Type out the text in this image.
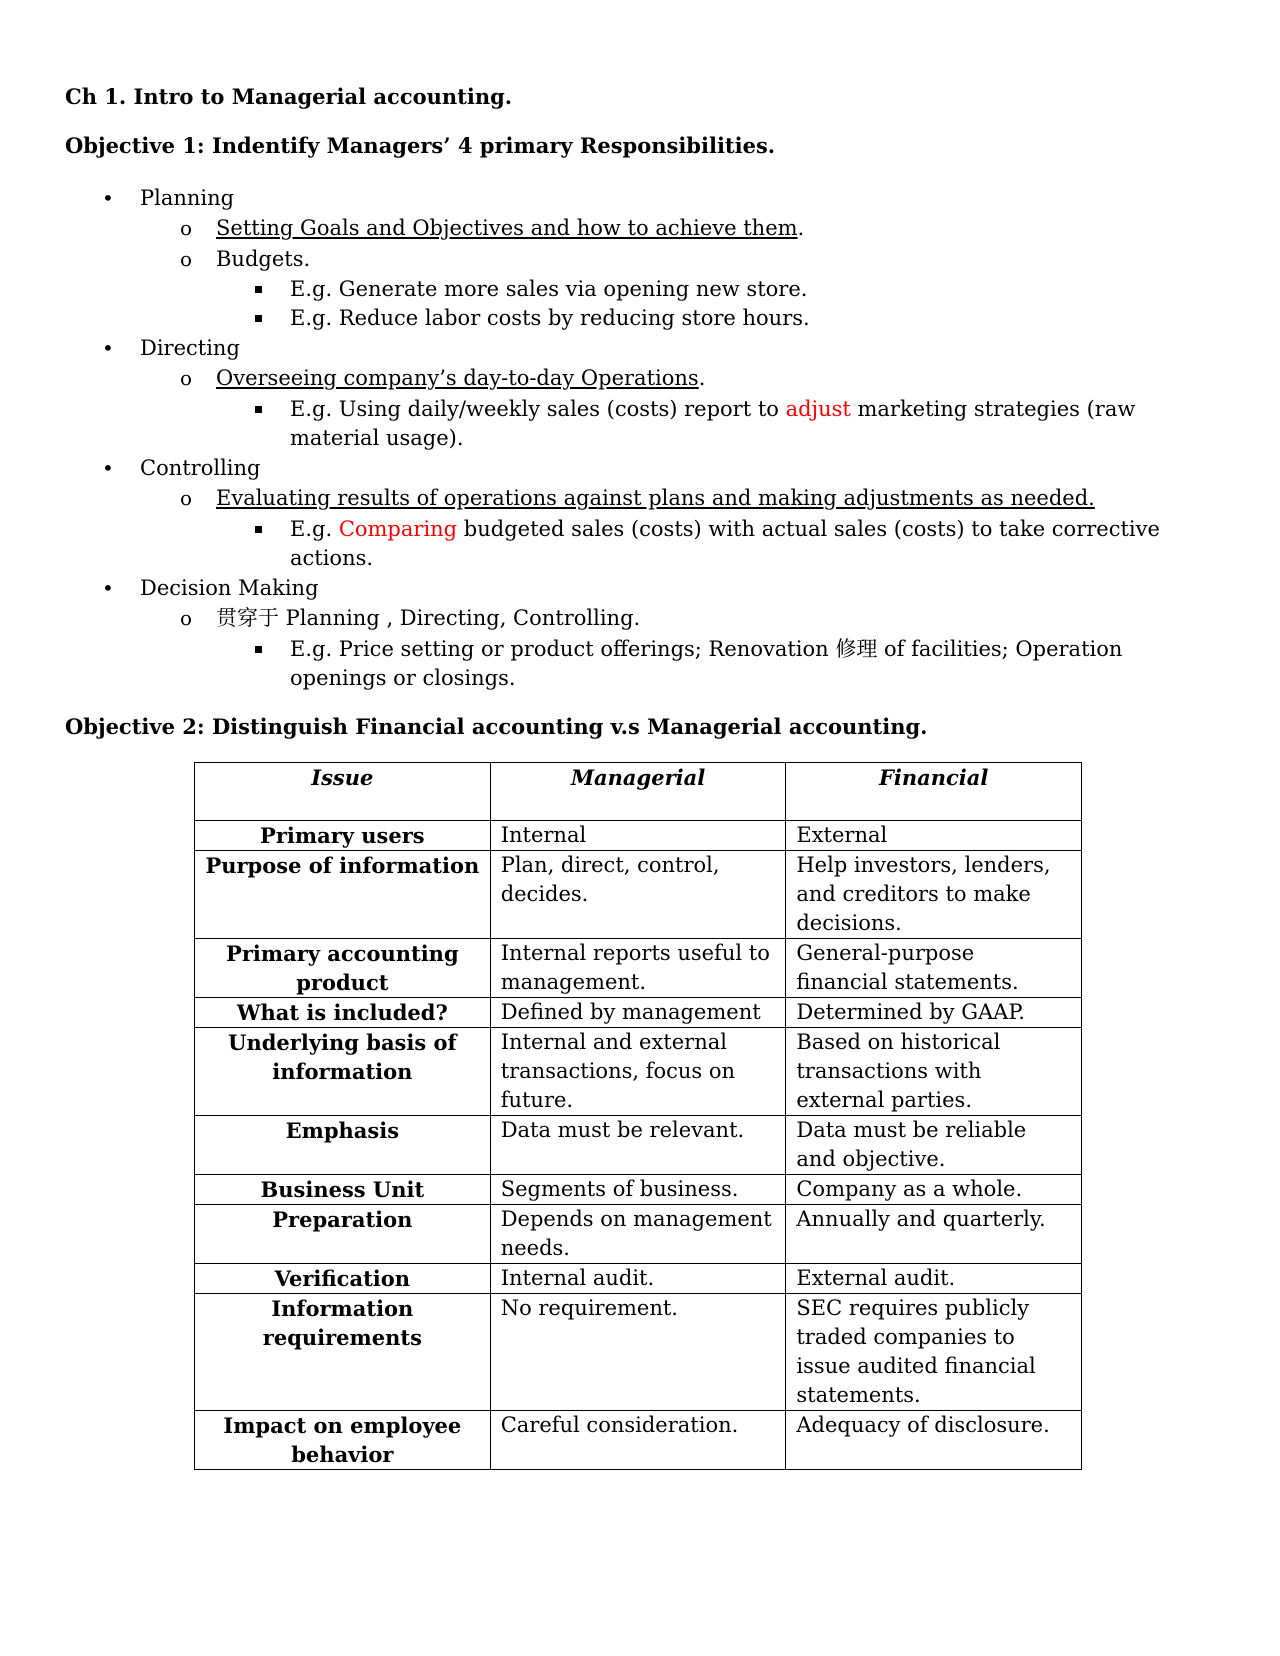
Ch 1. Intro to Managerial accounting.
Objective 1: Indentify Managers’ 4 primary Responsibilities.
• Planning
o Setting Goals and Objectives and how to achieve them.
o Budgets.
E.g. Generate more sales via opening new store.
E.g. Reduce labor costs by reducing store hours.
• Directing
o Overseeing company’s day-to-day Operations.
E.g. Using daily/weekly sales (costs) report to adjust marketing strategies (raw
material usage).
• Controlling
o Evaluating results of operations against plans and making adjustments as needed.
E.g. Comparing budgeted sales (costs) with actual sales (costs) to take corrective
actions.
• Decision Making
o 贯穿于 Planning , Directing, Controlling.
E.g. Price setting or product offerings; Renovation 修理 of facilities; Operation
openings or closings.
Objective 2: Distinguish Financial accounting v.s Managerial accounting.
Issue	Managerial	Financial
Primary users	Internal	External
Purpose of information	Plan, direct, control, decides.	Help investors, lenders, and creditors to make decisions.
Primary accounting product	Internal reports useful to management.	General-purpose financial statements.
What is included?	Defined by management	Determined by GAAP.
Underlying basis of information	Internal and external transactions, focus on future.	Based on historical transactions with external parties.
Emphasis	Data must be relevant.	Data must be reliable and objective.
Business Unit	Segments of business.	Company as a whole.
Preparation	Depends on management needs.	Annually and quarterly.
Verification	Internal audit.	External audit.
Information requirements	No requirement.	SEC requires publicly traded companies to issue audited financial statements.
Impact on employee behavior	Careful consideration.	Adequacy of disclosure.
